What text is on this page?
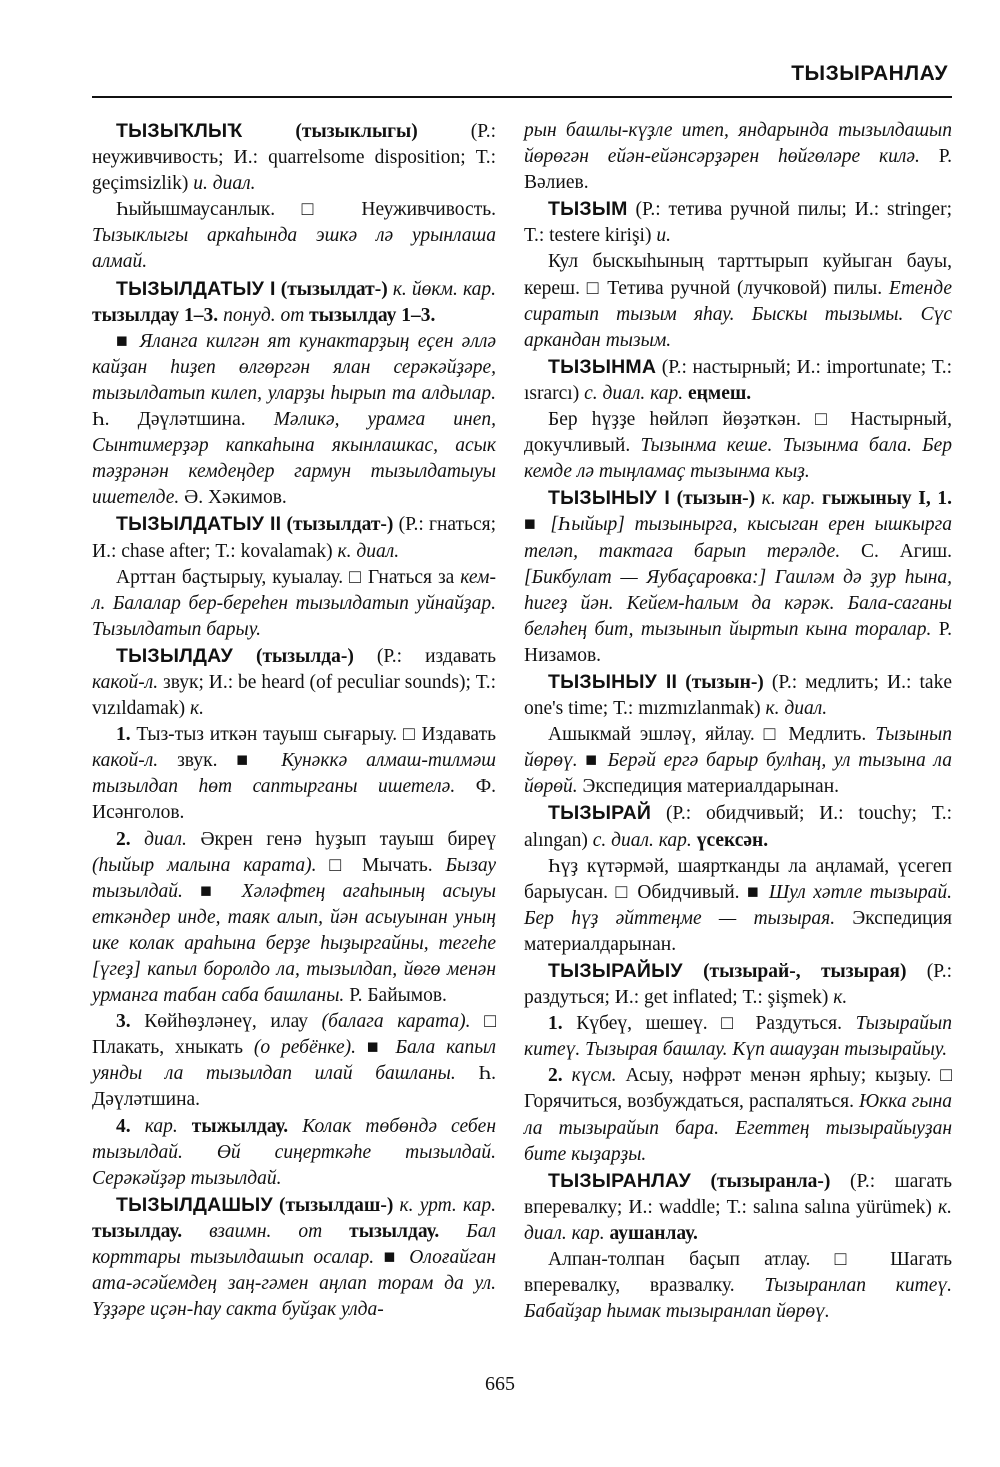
ТЫЗЫРАНЛАУ

ТЫЗЫҠЛЫҠ (тызыклыгы) (Р.: неуживчивость; И.: quarrelsome disposition; Т.: geçimsizlik) и. диал.

Һыйышмаусанлык. □ Неуживчивость. Тызыклыгы аркаһында эшкә лә урынлаша алмай.

ТЫЗЫЛДАТЫУ I (тызылдат-) к. йөкм. кар. тызылдау 1–3. понуд. от тызылдау 1–3.

■ Яланга килгән ят кунактарҙың еҫен әллә кайҙан һиҙеп өлгөргән ялан серәкәйҙәре, тызылдатып килеп, уларҙы һырып та алдылар. Һ. Дәүләтшина. Мәликә, урамга инеп, Сынтимерҙәр капкаһына якынлашкас, асык тәҙрәнән кемдеңдер гармун тызылдатыуы ишетелде. Ә. Хәкимов.

ТЫЗЫЛДАТЫУ II (тызылдат-) (Р.: гнаться; И.: chase after; Т.: kovalamak) к. диал.

Арттан баҫтырыу, куыалау. □ Гнаться за кем-л. Балалар бер-береһен тызылдатып уйнайҙар. Тызылдатып барыу.

ТЫЗЫЛДАУ (тызылда-) (Р.: издавать какой-л. звук; И.: be heard (of peculiar sounds); Т.: vızıldamak) к.

1. Тыз-тыз иткән тауыш сығарыу. □ Издавать какой-л. звук. ■ Кунәккә алмаш-тилмәш тызылдап һөт саптырганы ишетелә. Ф. Исәнголов.

2. диал. Әкрен генә һуҙып тауыш биреү (һыйыр малына карата). □ Мычать. Бызау тызылдай. ■ Хәләфтең агаһының асыуы еткәндер инде, таяк алып, йән асыуынан уның ике колак араһына берҙе һыҙыргайны, тегеһе [үгеҙ] капыл боролдо ла, тызылдап, йөгө менән урманга табан саба башланы. Р. Байымов.

3. Көйһөҙләнеү, илау (балага карата). □ Плакать, хныкать (о ребёнке). ■ Бала капыл уянды ла тызылдап илай башланы. Һ. Дәүләтшина.

4. кар. тыжылдау. Колак төбөндә себен тызылдай. Өй сиңерткәһе тызылдай. Серәкәйҙәр тызылдай.

ТЫЗЫЛДАШЫУ (тызылдаш-) к. урт. кар. тызылдау. взаимн. от тызылдау. Бал корттары тызылдашып осалар. ■ Олоғайган ата-әсәйемдең заң-гәмен аңлап торам да ул. Үҙҙәре иҫән-һау сакта буйҙак улда-

рын башлы-күҙле итеп, яндарында тызылдашып йөрөгән ейән-ейәнсәрҙәрен һөйгөләре килә. Р. Вәлиев.

ТЫЗЫМ (Р.: тетива ручной пилы; И.: stringer; Т.: testere kirişi) и.

Кул быскыһының тарттырып куйыган бауы, кереш. □ Тетива ручной (лучковой) пилы. Етенде сиратып тызым яһау. Быскы тызымы. Сүс аркандан тызым.

ТЫЗЫНМА (Р.: настырный; И.: importunate; Т.: ısrarcı) с. диал. кар. еңмеш.

Бер һүҙҙе һөйләп йөҙәткән. □ Настырный, докучливый. Тызынма кеше. Тызынма бала. Бер кемде лә тыңламаҫ тызынма кыҙ.

ТЫЗЫНЫУ I (тызын-) к. кар. гыжыныу I, 1. ■ [Һыйыр] тызынырга, кысыган ерен ышкырга теләп, тактага барып терәлде. С. Агиш. [Бикбулат — Яубаҫаровка:] Гаиләм дә ҙур һына, һигеҙ йән. Кейем-һалым да кәрәк. Бала-саганы беләһең бит, тызынып йыртып кына торалар. Р. Низамов.

ТЫЗЫНЫУ II (тызын-) (Р.: медлить; И.: take one's time; Т.: mızmızlanmak) к. диал.

Ашыкмай эшләү, яйлау. □ Медлить. Тызынып йөрөү. ■ Берәй ергә барыр булһаң, ул тызына ла йөрөй. Экспедиция материалдарынан.

ТЫЗЫРАЙ (Р.: обидчивый; И.: touchy; Т.: alıngan) с. диал. кар. үсексән.

Һүҙ күтәрмәй, шаяртканды ла аңламай, үсегеп барыусан. □ Обидчивый. ■ Шул хәтле тызырай. Бер һүҙ әйттеңме — тызырая. Экспедиция материалдарынан.

ТЫЗЫРАЙЫУ (тызырай-, тызырая) (Р.: раздуться; И.: get inflated; Т.: şişmek) к.

1. Күбеү, шешеү. □ Раздуться. Тызырайып китеү. Тызырая башлау. Күп ашауҙан тызырайыу.

2. күсм. Асыу, нәфрәт менән ярһыу; кыҙыу. □ Горячиться, возбуждаться, распаляться. Юкка гына ла тызырайып бара. Егеттең тызырайыуҙан бите кыҙарҙы.

ТЫЗЫРАНЛАУ (тызыранла-) (Р.: шагать вперевалку; И.: waddle; Т.: salına salına yürümek) к. диал. кар. аушанлау.

Алпан-толпан баҫып атлау. □ Шагать вперевалку, вразвалку. Тызыранлап китеү. Бабайҙар һымак тызыранлап йөрөү.

665
